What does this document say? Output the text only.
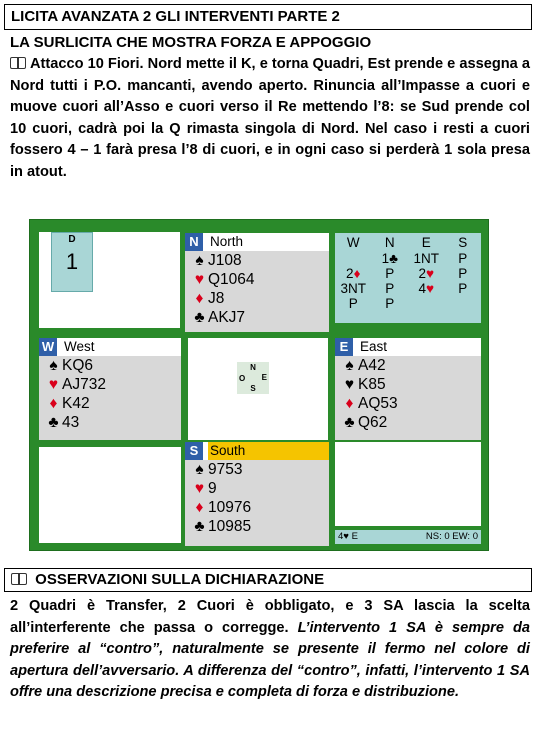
LICITA AVANZATA 2 GLI INTERVENTI PARTE 2
LA SURLICITA CHE MOSTRA FORZA E APPOGGIO
Attacco 10 Fiori. Nord mette il K, e torna Quadri, Est prende e assegna a Nord tutti i P.O. mancanti, avendo aperto. Rinuncia all’Impasse a cuori e muove cuori all’Asso e cuori verso il Re mettendo l’8: se Sud prende col 10 cuori, cadrà poi la Q rimasta singola di Nord. Nel caso i resti a cuori fossero 4 – 1 farà presa l’8 di cuori, e in ogni caso si perderà 1 sola presa in atout.
D
1
N North
♠ J108
♥ Q1064
♦ J8
♣ AKJ7
W	N	E	S
	1♣	1NT	P
2♦	P	2♥	P
3NT	P	4♥	P
P	P		
W West
♠ KQ6
♥ AJ732
♦ K42
♣ 43
N
O E
S
E East
♠ A42
♥ K85
♦ AQ53
♣ Q62
S South
♠ 9753
♥ 9
♦ 10976
♣ 10985
4♥ E	NS: 0 EW: 0
OSSERVAZIONI SULLA DICHIARAZIONE
2 Quadri è Transfer, 2 Cuori è obbligato, e 3 SA lascia la scelta all’interferente che passa o corregge. L’intervento 1 SA è sempre da preferire al “contro”, naturalmente se presente il fermo nel colore di apertura dell’avversario. A differenza del “contro”, infatti, l’intervento 1 SA offre una descrizione precisa e completa di forza e distribuzione.
